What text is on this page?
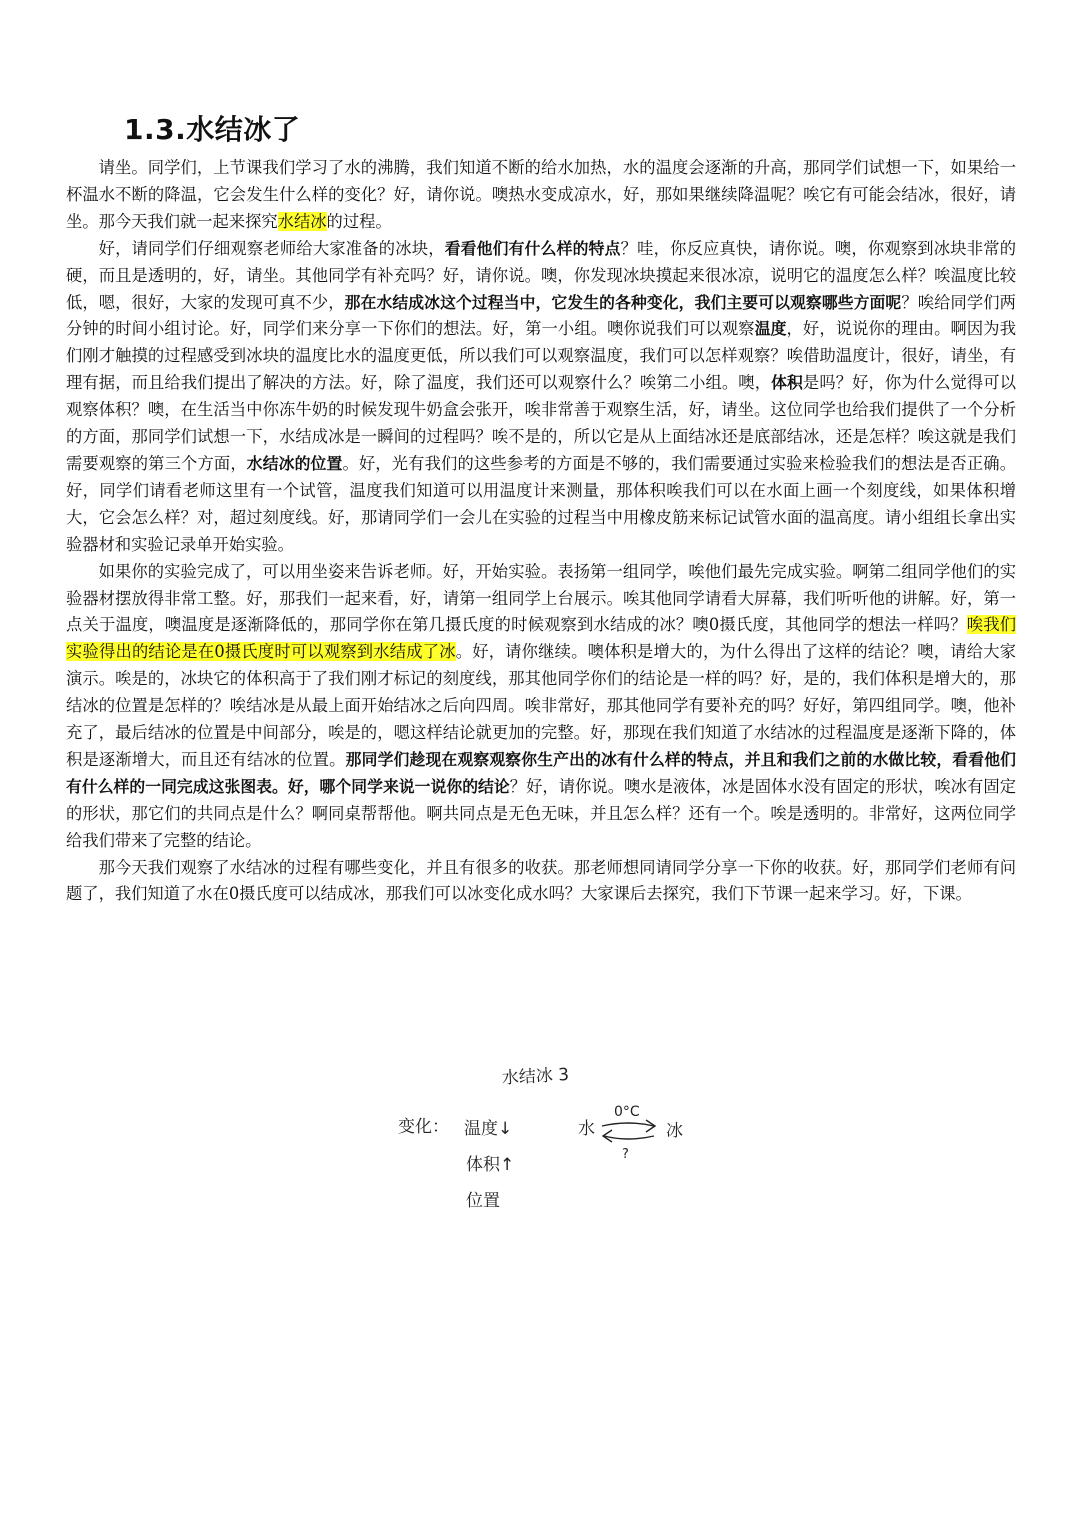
1.3.水结冰了

请坐。同学们，上节课我们学习了水的沸腾，我们知道不断的给水加热，水的温度会逐渐的升高，那同学们试想一下，如果给一杯温水不断的降温，它会发生什么样的变化？好，请你说。噢热水变成凉水，好，那如果继续降温呢？唉它有可能会结冰，很好，请坐。那今天我们就一起来探究水结冰的过程。

好，请同学们仔细观察老师给大家准备的冰块，看看他们有什么样的特点？哇，你反应真快，请你说。噢，你观察到冰块非常的硬，而且是透明的，好，请坐。其他同学有补充吗？好，请你说。噢，你发现冰块摸起来很冰凉，说明它的温度怎么样？唉温度比较低，嗯，很好，大家的发现可真不少，那在水结成冰这个过程当中，它发生的各种变化，我们主要可以观察哪些方面呢？唉给同学们两分钟的时间小组讨论。好，同学们来分享一下你们的想法。好，第一小组。噢你说我们可以观察温度，好，说说你的理由。啊因为我们刚才触摸的过程感受到冰块的温度比水的温度更低，所以我们可以观察温度，我们可以怎样观察？唉借助温度计，很好，请坐，有理有据，而且给我们提出了解决的方法。好，除了温度，我们还可以观察什么？唉第二小组。噢，体积是吗？好，你为什么觉得可以观察体积？噢，在生活当中你冻牛奶的时候发现牛奶盒会张开，唉非常善于观察生活，好，请坐。这位同学也给我们提供了一个分析的方面，那同学们试想一下，水结成冰是一瞬间的过程吗？唉不是的，所以它是从上面结冰还是底部结冰，还是怎样？唉这就是我们需要观察的第三个方面，水结冰的位置。好，光有我们的这些参考的方面是不够的，我们需要通过实验来检验我们的想法是否正确。好，同学们请看老师这里有一个试管，温度我们知道可以用温度计来测量，那体积唉我们可以在水面上画一个刻度线，如果体积增大，它会怎么样？对，超过刻度线。好，那请同学们一会儿在实验的过程当中用橡皮筋来标记试管水面的温高度。请小组组长拿出实验器材和实验记录单开始实验。

如果你的实验完成了，可以用坐姿来告诉老师。好，开始实验。表扬第一组同学，唉他们最先完成实验。啊第二组同学他们的实验器材摆放得非常工整。好，那我们一起来看，好，请第一组同学上台展示。唉其他同学请看大屏幕，我们听听他的讲解。好，第一点关于温度，噢温度是逐渐降低的，那同学你在第几摄氏度的时候观察到水结成的冰？噢0摄氏度，其他同学的想法一样吗？唉我们实验得出的结论是在0摄氏度时可以观察到水结成了冰。好，请你继续。噢体积是增大的，为什么得出了这样的结论？噢，请给大家演示。唉是的，冰块它的体积高于了我们刚才标记的刻度线，那其他同学你们的结论是一样的吗？好，是的，我们体积是增大的，那结冰的位置是怎样的？唉结冰是从最上面开始结冰之后向四周。唉非常好，那其他同学有要补充的吗？好好，第四组同学。噢，他补充了，最后结冰的位置是中间部分，唉是的，嗯这样结论就更加的完整。好，那现在我们知道了水结冰的过程温度是逐渐下降的，体积是逐渐增大，而且还有结冰的位置。那同学们趁现在观察观察你生产出的冰有什么样的特点，并且和我们之前的水做比较，看看他们有什么样的一同完成这张图表。好，哪个同学来说一说你的结论？好，请你说。噢水是液体，冰是固体水没有固定的形状，唉冰有固定的形状，那它们的共同点是什么？啊同桌帮帮他。啊共同点是无色无味，并且怎么样？还有一个。唉是透明的。非常好，这两位同学给我们带来了完整的结论。

那今天我们观察了水结冰的过程有哪些变化，并且有很多的收获。那老师想同请同学分享一下你的收获。好，那同学们老师有问题了，我们知道了水在0摄氏度可以结成冰，那我们可以冰变化成水吗？大家课后去探究，我们下节课一起来学习。好，下课。

水结冰 3
变化： 温度↓
体积↑
位置
水
0°C
?
冰
